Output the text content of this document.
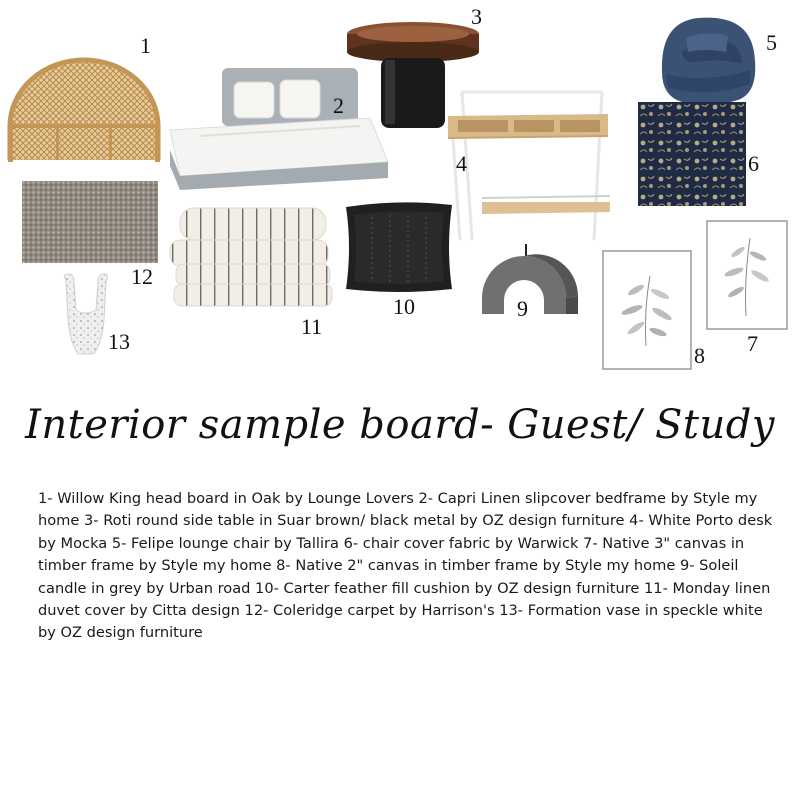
1
2
3
4
5
6
12
11
10	9
8 7
13
Interior sample board- Guest/ Study
1- Willow King head board in Oak by Lounge Lovers 2- Capri Linen slipcover bedframe by Style my home 3- Roti round side table in Suar brown/ black metal by OZ design furniture 4- White Porto desk by Mocka 5- Felipe lounge chair by Tallira 6- chair cover fabric by Warwick 7- Native 3" canvas in timber frame by Style my home 8- Native 2" canvas in timber frame by Style my home 9- Soleil candle in grey by Urban road 10- Carter feather fill cushion by OZ design furniture 11- Monday linen duvet cover by Citta design 12- Coleridge carpet by Harrison's 13- Formation vase in speckle white by OZ design furniture
